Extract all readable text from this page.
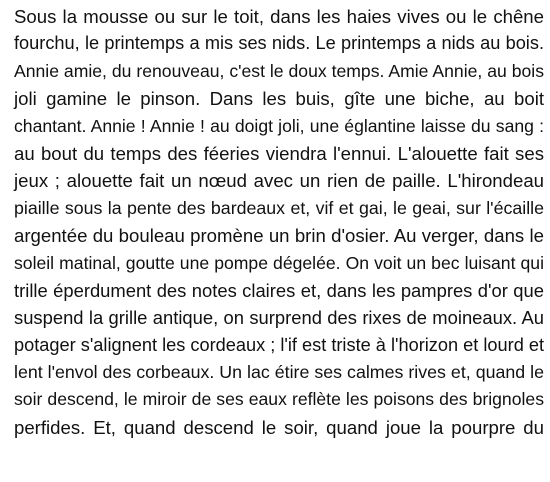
Sous la mousse ou sur le toit, dans les haies vives ou le chêne
fourchu, le printemps a mis ses nids. Le printemps a nids au bois.
Annie amie, du renouveau, c'est le doux temps. Amie Annie, au bois
joli gamine le pinson. Dans les buis, gîte une biche, au boit
chantant. Annie ! Annie ! au doigt joli, une églantine laisse du sang :
au bout du temps des féeries viendra l'ennui. L'alouette fait ses
jeux ; alouette fait un nœud avec un rien de paille. L'hirondeau
piaille sous la pente des bardeaux et, vif et gai, le geai, sur l'écaille
argentée du bouleau promène un brin d'osier. Au verger, dans le
soleil matinal, goutte une pompe dégelée. On voit un bec luisant qui
trille éperdument des notes claires et, dans les pampres d'or que
suspend la grille antique, on surprend des rixes de moineaux. Au
potager s'alignent les cordeaux ; l'if est triste à l'horizon et lourd et
lent l'envol des corbeaux. Un lac étire ses calmes rives et, quand le
soir descend, le miroir de ses eaux reflète les poisons des brignoles
perfides. Et, quand descend le soir, quand joue la pourpre du
